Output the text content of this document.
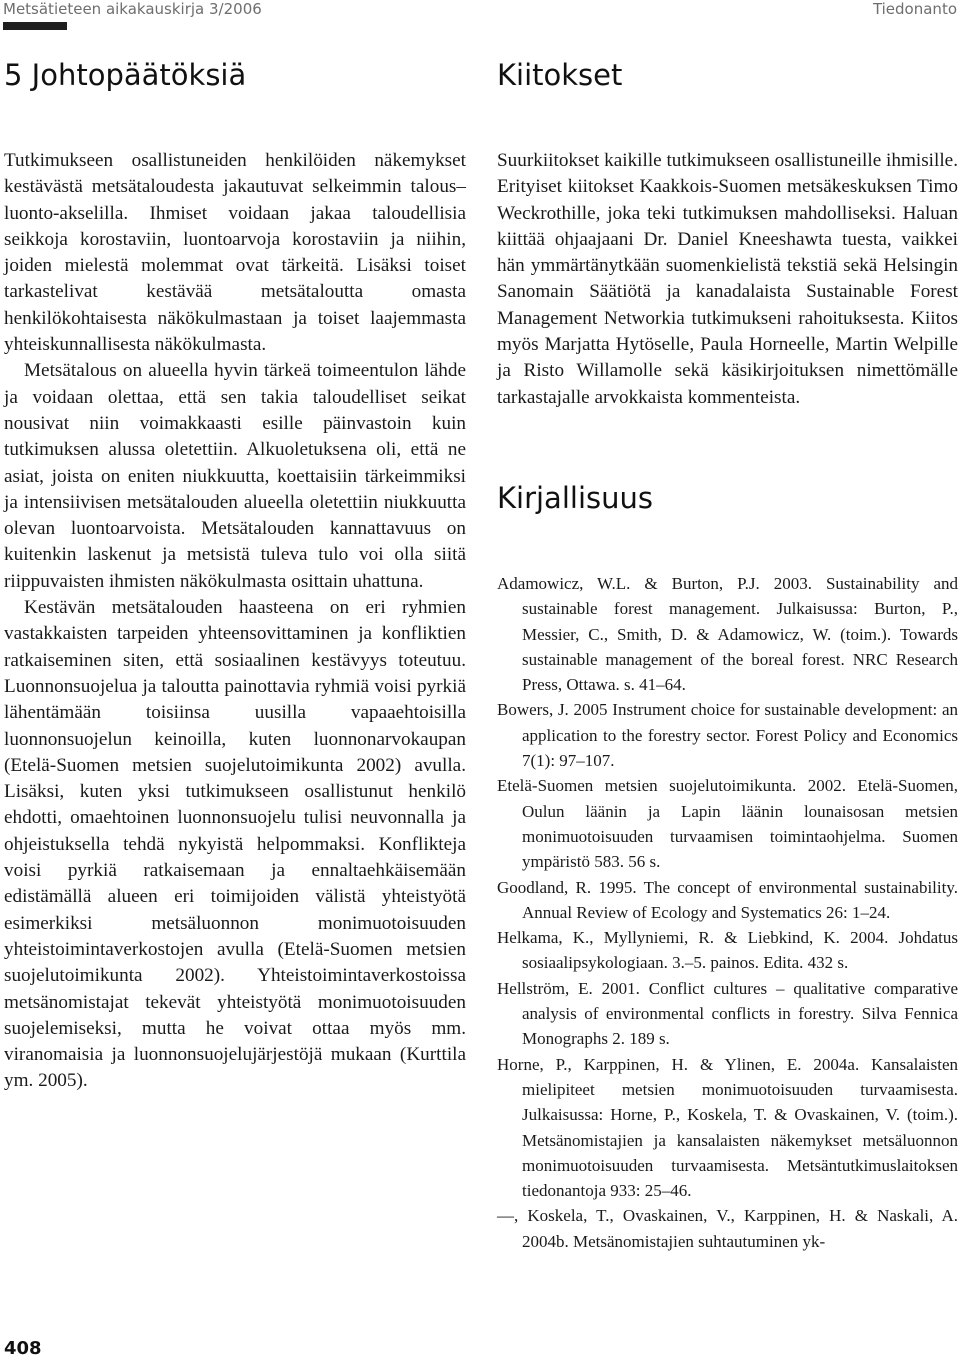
Metsätieteen aikakauskirja 3/2006	Tiedonanto
5 Johtopäätöksiä

Tutkimukseen osallistuneiden henkilöiden näkemykset kestävästä metsätaloudesta jakautuvat selkeimmin talous–luonto-akselilla. Ihmiset voidaan jakaa taloudellisia seikkoja korostaviin, luontoarvoja korostaviin ja niihin, joiden mielestä molemmat ovat tärkeitä. Lisäksi toiset tarkastelivat kestävää metsätaloutta omasta henkilökohtaisesta näkökulmastaan ja toiset laajemmasta yhteiskunnallisesta näkökulmasta.

Metsätalous on alueella hyvin tärkeä toimeentulon lähde ja voidaan olettaa, että sen takia taloudelliset seikat nousivat niin voimakkaasti esille päinvastoin kuin tutkimuksen alussa oletettiin. Alkuoletuksena oli, että ne asiat, joista on eniten niukkuutta, koettaisiin tärkeimmiksi ja intensiivisen metsätalouden alueella oletettiin niukkuutta olevan luontoarvoista. Metsätalouden kannattavuus on kuitenkin laskenut ja metsistä tuleva tulo voi olla siitä riippuvaisten ihmisten näkökulmasta osittain uhattuna.

Kestävän metsätalouden haasteena on eri ryhmien vastakkaisten tarpeiden yhteensovittaminen ja konfliktien ratkaiseminen siten, että sosiaalinen kestävyys toteutuu. Luonnonsuojelua ja taloutta painottavia ryhmiä voisi pyrkiä lähentämään toisiinsa uusilla vapaaehtoisilla luonnonsuojelun keinoilla, kuten luonnonarvokaupan (Etelä-Suomen metsien suojelutoimikunta 2002) avulla. Lisäksi, kuten yksi tutkimukseen osallistunut henkilö ehdotti, omaehtoinen luonnonsuojelu tulisi neuvonnalla ja ohjeistuksella tehdä nykyistä helpommaksi. Konflikteja voisi pyrkiä ratkaisemaan ja ennaltaehkäisemään edistämällä alueen eri toimijoiden välistä yhteistyötä esimerkiksi metsäluonnon monimuotoisuuden yhteistoimintaverkostojen avulla (Etelä-Suomen metsien suojelutoimikunta 2002). Yhteistoimintaverkostoissa metsänomistajat tekevät yhteistyötä monimuotoisuuden suojelemiseksi, mutta he voivat ottaa myös mm. viranomaisia ja luonnonsuojelujärjestöjä mukaan (Kurttila ym. 2005).

Kiitokset

Suurkiitokset kaikille tutkimukseen osallistuneille ihmisille. Erityiset kiitokset Kaakkois-Suomen metsäkeskuksen Timo Weckrothille, joka teki tutkimuksen mahdolliseksi. Haluan kiittää ohjaajaani Dr. Daniel Kneeshawta tuesta, vaikkei hän ymmärtänytkään suomenkielistä tekstiä sekä Helsingin Sanomain Säätiötä ja kanadalaista Sustainable Forest Management Networkia tutkimukseni rahoituksesta. Kiitos myös Marjatta Hytöselle, Paula Horneelle, Martin Welpille ja Risto Willamolle sekä käsikirjoituksen nimettömälle tarkastajalle arvokkaista kommenteista.

Kirjallisuus
Adamowicz, W.L. & Burton, P.J. 2003. Sustainability and sustainable forest management. Julkaisussa: Burton, P., Messier, C., Smith, D. & Adamowicz, W. (toim.). Towards sustainable management of the boreal forest. NRC Research Press, Ottawa. s. 41–64.
Bowers, J. 2005 Instrument choice for sustainable development: an application to the forestry sector. Forest Policy and Economics 7(1): 97–107.
Etelä-Suomen metsien suojelutoimikunta. 2002. Etelä-Suomen, Oulun läänin ja Lapin läänin lounaisosan metsien monimuotoisuuden turvaamisen toimintaohjelma. Suomen ympäristö 583. 56 s.
Goodland, R. 1995. The concept of environmental sustainability. Annual Review of Ecology and Systematics 26: 1–24.
Helkama, K., Myllyniemi, R. & Liebkind, K. 2004. Johdatus sosiaalipsykologiaan. 3.–5. painos. Edita. 432 s.
Hellström, E. 2001. Conflict cultures – qualitative comparative analysis of environmental conflicts in forestry. Silva Fennica Monographs 2. 189 s.
Horne, P., Karppinen, H. & Ylinen, E. 2004a. Kansalaisten mielipiteet metsien monimuotoisuuden turvaamisesta. Julkaisussa: Horne, P., Koskela, T. & Ovaskainen, V. (toim.). Metsänomistajien ja kansalaisten näkemykset metsäluonnon monimuotoisuuden turvaamisesta. Metsäntutkimuslaitoksen tiedonantoja 933: 25–46.
—, Koskela, T., Ovaskainen, V., Karppinen, H. & Naskali, A. 2004b. Metsänomistajien suhtautuminen yk-
408
